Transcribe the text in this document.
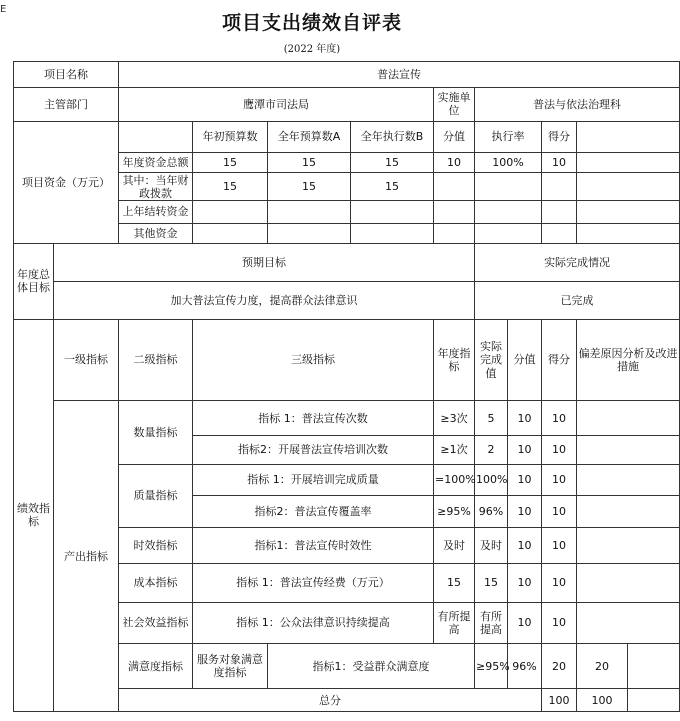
E
项目支出绩效自评表
(2022 年度)
项目名称		普法宣传									
主管部门		鹰潭市司法局				实施单位	普法与依法治理科				
项目资金（万元）			年初预算数	全年预算数A	全年执行数B	分值	执行率		得分		
		年度资金总额	15	15	15	10	100%		10		
		其中：当年财政拨款	15	15	15						
		上年结转资金									
		其他资金									
年度总体目标	预期目标						实际完成情况				
	加大普法宣传力度，提高群众法律意识						已完成				
绩效指标	一级指标	二级指标	三级指标			年度指标	实际完成值	分值	得分	偏差原因分析及改进措施	
	产出指标	数量指标	指标 1：普法宣传次数			≥3次	5	10	10		
			指标2：开展普法宣传培训次数			≥1次	2	10	10		
		质量指标	指标 1：开展培训完成质量			=100%	100%	10	10		
			指标2：普法宣传覆盖率			≥95%	96%	10	10		
		时效指标	指标1：普法宣传时效性			及时	及时	10	10		
		成本指标	指标 1：普法宣传经费（万元）			15	15	10	10		
		社会效益指标	指标 1：公众法律意识持续提高			有所提高	有所提高	10	10		
		满意度指标	服务对象满意度指标	指标1：受益群众满意度			≥95%	96%	20	20	
		总分							100	100	
